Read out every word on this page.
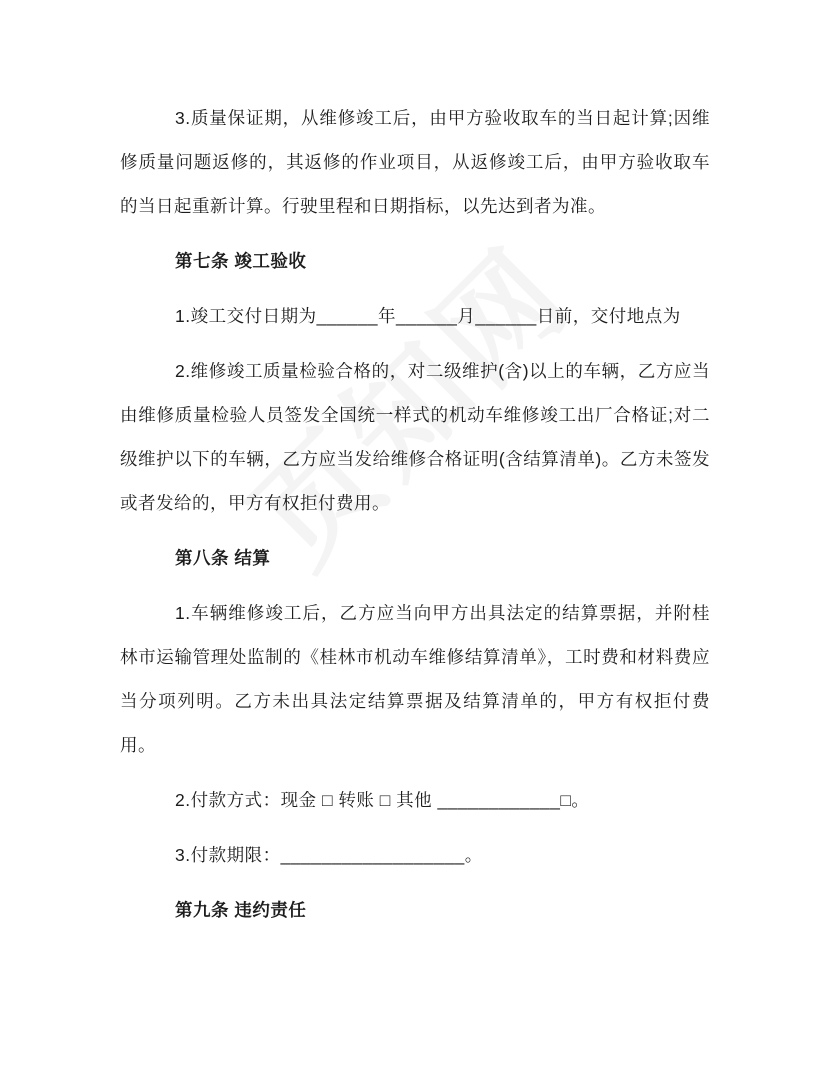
3.质量保证期，从维修竣工后，由甲方验收取车的当日起计算;因维修质量问题返修的，其返修的作业项目，从返修竣工后，由甲方验收取车的当日起重新计算。行驶里程和日期指标，以先达到者为准。

第七条 竣工验收

1.竣工交付日期为______年______月______日前，交付地点为

2.维修竣工质量检验合格的，对二级维护(含)以上的车辆，乙方应当由维修质量检验人员签发全国统一样式的机动车维修竣工出厂合格证;对二级维护以下的车辆，乙方应当发给维修合格证明(含结算清单)。乙方未签发或者发给的，甲方有权拒付费用。

第八条 结算

1.车辆维修竣工后，乙方应当向甲方出具法定的结算票据，并附桂林市运输管理处监制的《桂林市机动车维修结算清单》，工时费和材料费应当分项列明。乙方未出具法定结算票据及结算清单的，甲方有权拒付费用。

2.付款方式：现金 □ 转账 □ 其他 ____________□。

3.付款期限：__________________。

第九条 违约责任
